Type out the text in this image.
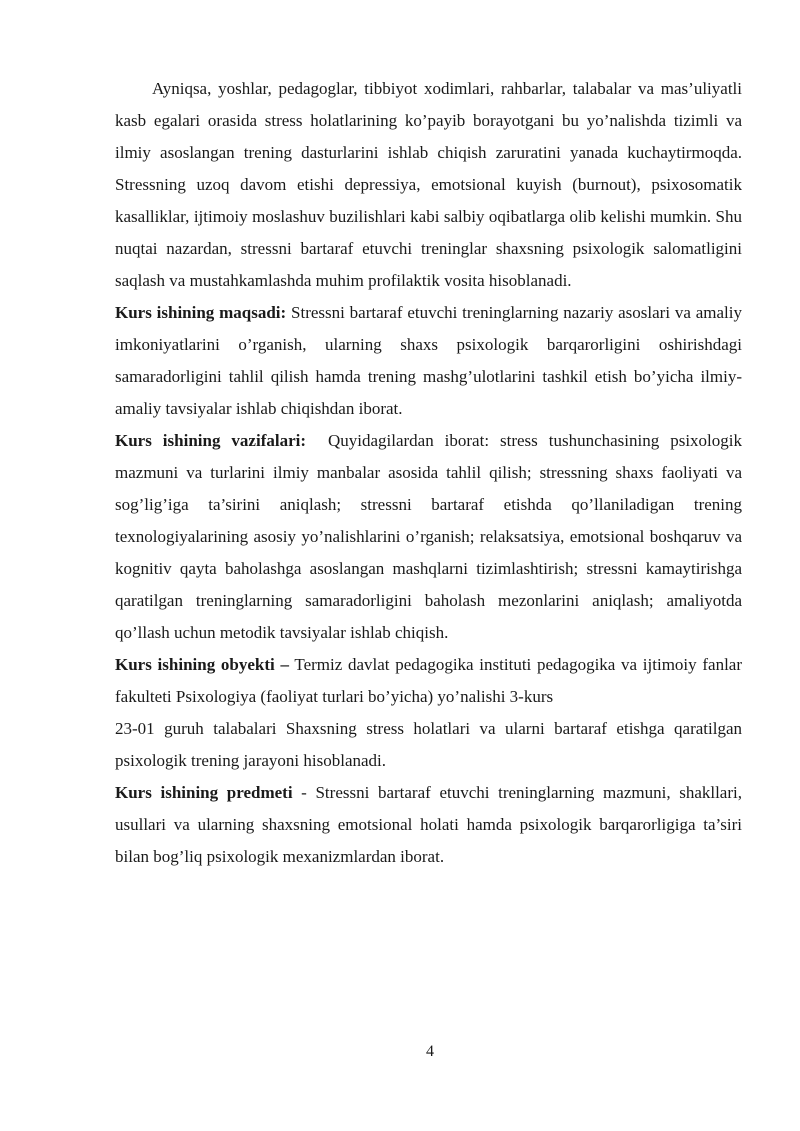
Ayniqsa, yoshlar, pedagoglar, tibbiyot xodimlari, rahbarlar, talabalar va mas’uliyatli kasb egalari orasida stress holatlarining ko’payib borayotgani bu yo’nalishda tizimli va ilmiy asoslangan trening dasturlarini ishlab chiqish zaruratini yanada kuchaytirmoqda. Stressning uzoq davom etishi depressiya, emotsional kuyish (burnout), psixosomatik kasalliklar, ijtimoiy moslashuv buzilishlari kabi salbiy oqibatlarga olib kelishi mumkin. Shu nuqtai nazardan, stressni bartaraf etuvchi treninglar shaxsning psixologik salomatligini saqlash va mustahkamlashda muhim profilaktik vosita hisoblanadi.

Kurs ishining maqsadi: Stressni bartaraf etuvchi treninglarning nazariy asoslari va amaliy imkoniyatlarini o’rganish, ularning shaxs psixologik barqarorligini oshirishdagi samaradorligini tahlil qilish hamda trening mashg’ulotlarini tashkil etish bo’yicha ilmiy-amaliy tavsiyalar ishlab chiqishdan iborat.

Kurs ishining vazifalari:  Quyidagilardan iborat: stress tushunchasining psixologik mazmuni va turlarini ilmiy manbalar asosida tahlil qilish; stressning shaxs faoliyati va sog’lig’iga ta’sirini aniqlash; stressni bartaraf etishda qo’llaniladigan trening texnologiyalarining asosiy yo’nalishlarini o’rganish; relaksatsiya, emotsional boshqaruv va kognitiv qayta baholashga asoslangan mashqlarni tizimlashtirish; stressni kamaytirishga qaratilgan treninglarning samaradorligini baholash mezonlarini aniqlash; amaliyotda qo’llash uchun metodik tavsiyalar ishlab chiqish.

Kurs ishining obyekti – Termiz davlat pedagogika instituti pedagogika va ijtimoiy fanlar fakulteti Psixologiya (faoliyat turlari bo’yicha) yo’nalishi 3-kurs
23-01 guruh talabalari Shaxsning stress holatlari va ularni bartaraf etishga qaratilgan psixologik trening jarayoni hisoblanadi.

Kurs ishining predmeti - Stressni bartaraf etuvchi treninglarning mazmuni, shakllari, usullari va ularning shaxsning emotsional holati hamda psixologik barqarorligiga ta’siri bilan bog’liq psixologik mexanizmlardan iborat.

4
